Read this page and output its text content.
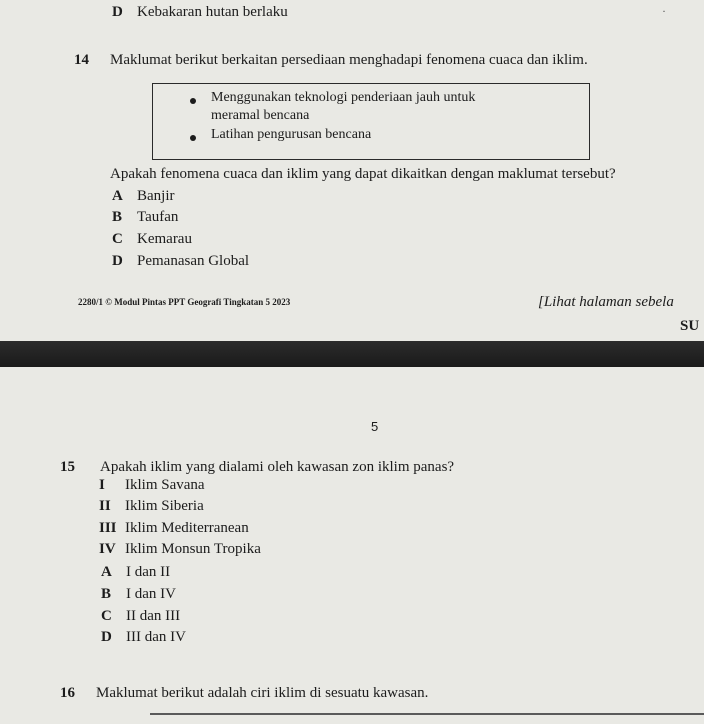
·
D Kebakaran hutan berlaku
14 Maklumat berikut berkaitan persediaan menghadapi fenomena cuaca dan iklim.
Menggunakan teknologi penderiaan jauh untuk
meramal bencana
Latihan pengurusan bencana
Apakah fenomena cuaca dan iklim yang dapat dikaitkan dengan maklumat tersebut?
A Banjir
B Taufan
C Kemarau
D Pemanasan Global
2280/1 © Modul Pintas PPT Geografi Tingkatan 5 2023	[Lihat halaman sebela
SU
5
15 Apakah iklim yang dialami oleh kawasan zon iklim panas?
I Iklim Savana
II Iklim Siberia
III Iklim Mediterranean
IV Iklim Monsun Tropika
A I dan II
B I dan IV
C II dan III
D III dan IV
16 Maklumat berikut adalah ciri iklim di sesuatu kawasan.
